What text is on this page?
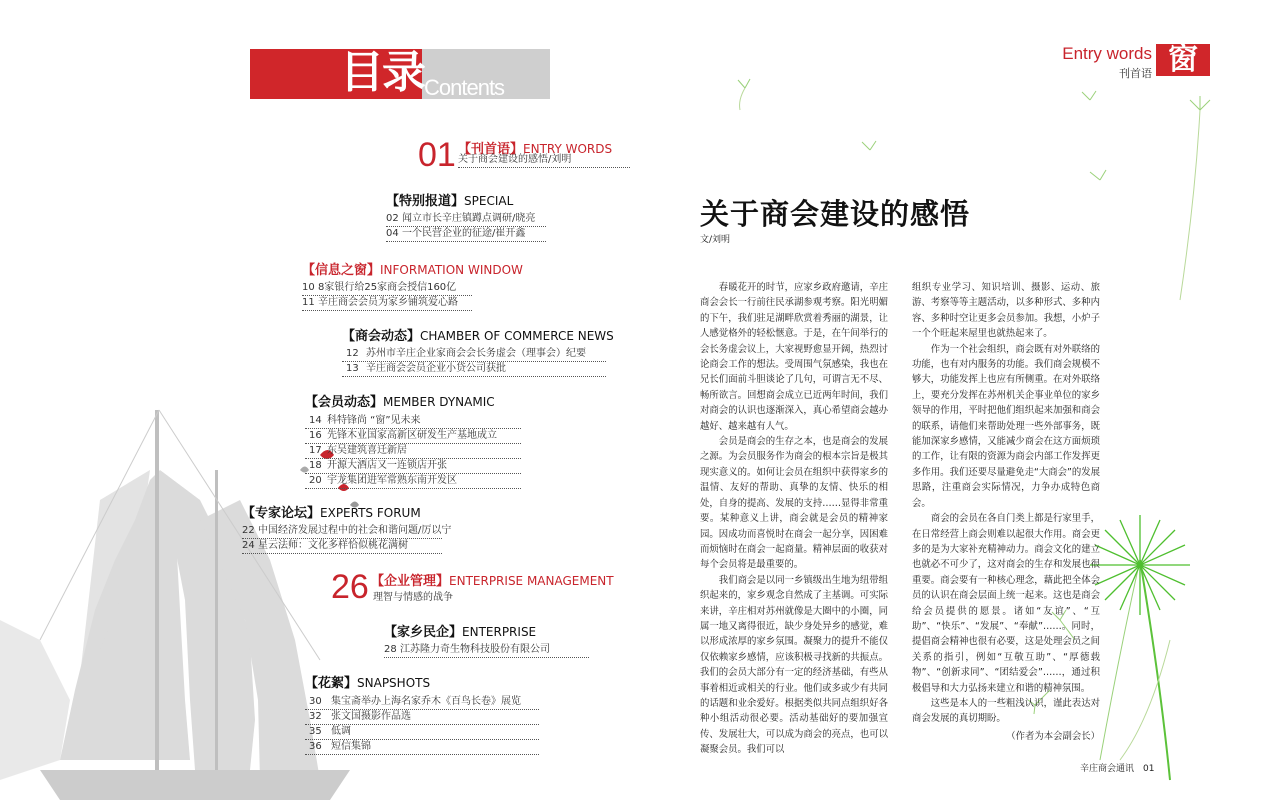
目录 Contents
01 【刊首语】ENTRY WORDS
关于商会建设的感悟/刘明
【特别报道】SPECIAL
02 闻立市长辛庄镇蹲点调研/晓亮
04 一个民营企业的征途/崔开鑫
【信息之窗】INFORMATION WINDOW
10 8家银行给25家商会授信160亿
11 辛庄商会会员为家乡铺筑爱心路
【商会动态】CHAMBER OF COMMERCE NEWS
12 苏州市辛庄企业家商会会长务虚会（理事会）纪要
13 辛庄商会会员企业小贷公司获批
【会员动态】MEMBER DYNAMIC
14 科特锋尚 “窗”见未来
16 先锋木业国家高新区研发生产基地成立
17 东吴建筑喜迁新居
18 开源大酒店又一连锁店开张
20 宇龙集团进军常熟东南开发区
【专家论坛】EXPERTS FORUM
22 中国经济发展过程中的社会和谐问题/厉以宁
24 星云法师：文化多样恰似桃花满树
26 【企业管理】ENTERPRISE MANAGEMENT
理智与情感的战争
【家乡民企】ENTERPRISE
28 江苏隆力奇生物科技股份有限公司
【花絮】SNAPSHOTS
30 集宝斋举办上海名家乔木《百鸟长卷》展览
32 张文国摄影作品选
35 低调
36 短信集锦
Entry words
刊首语 窗
关于商会建设的感悟
文/刘明

春暖花开的时节，应家乡政府邀请，辛庄商会会长一行前往民承湖参观考察。阳光明媚的下午，我们驻足湖畔欣赏着秀丽的湖景，让人感觉格外的轻松惬意。于是，在午间举行的会长务虚会议上，大家视野愈显开阔，热烈讨论商会工作的想法。受周围气氛感染，我也在兄长们面前斗胆谈论了几句，可谓言无不尽、畅所欲言。回想商会成立已近两年时间，我们对商会的认识也逐渐深入，真心希望商会越办越好、越来越有人气。

会员是商会的生存之本，也是商会的发展之源。为会员服务作为商会的根本宗旨是极其现实意义的。如何让会员在组织中获得家乡的温情、友好的帮助、真挚的友情、快乐的相处，自身的提高、发展的支持……显得非常重要。某种意义上讲，商会就是会员的精神家园。因成功而喜悦时在商会一起分享，因困难而烦恼时在商会一起商量。精神层面的收获对每个会员将是最重要的。

我们商会是以同一乡镇级出生地为纽带组织起来的，家乡观念自然成了主基调。可实际来讲，辛庄相对苏州就像是大圈中的小圈，同属一地又离得很近，缺少身处异乡的感觉，难以形成浓厚的家乡氛围。凝聚力的提升不能仅仅依赖家乡感情，应该积极寻找新的共振点。我们的会员大部分有一定的经济基础，有些从事着相近或相关的行业。他们或多或少有共同的话题和业余爱好。根据类似共同点组织好各种小组活动很必要。活动基础好的要加强宣传、发展壮大，可以成为商会的亮点，也可以凝聚会员。我们可以

组织专业学习、知识培训、摄影、运动、旅游、考察等等主题活动，以多种形式、多种内容、多种时空让更多会员参加。我想，小炉子一个个旺起来屋里也就热起来了。

作为一个社会组织，商会既有对外联络的功能，也有对内服务的功能。我们商会规模不够大，功能发挥上也应有所侧重。在对外联络上，要充分发挥在苏州机关企事业单位的家乡领导的作用，平时把他们组织起来加强和商会的联系，请他们来帮助处理一些外部事务，既能加深家乡感情，又能减少商会在这方面烦琐的工作，让有限的资源为商会内部工作发挥更多作用。我们还要尽量避免走“大商会”的发展思路，注重商会实际情况，力争办成特色商会。

商会的会员在各自门类上都是行家里手，在日常经营上商会则难以起很大作用。商会更多的是为大家补充精神动力。商会文化的建立也就必不可少了，这对商会的生存和发展也很重要。商会要有一种核心理念，藉此把全体会员的认识在商会层面上统一起来。这也是商会给会员提供的愿景。诸如“友谊”、“互助”、“快乐”、“发展”、“奉献”……。同时，提倡商会精神也很有必要，这是处理会员之间关系的指引，例如“互敬互助”、“厚德载物”、“创新求同”、“团结爱会”……，通过积极倡导和大力弘扬来建立和谐的精神氛围。

这些是本人的一些粗浅认识，谨此表达对商会发展的真切期盼。

（作者为本会副会长）

辛庄商会通讯　01
